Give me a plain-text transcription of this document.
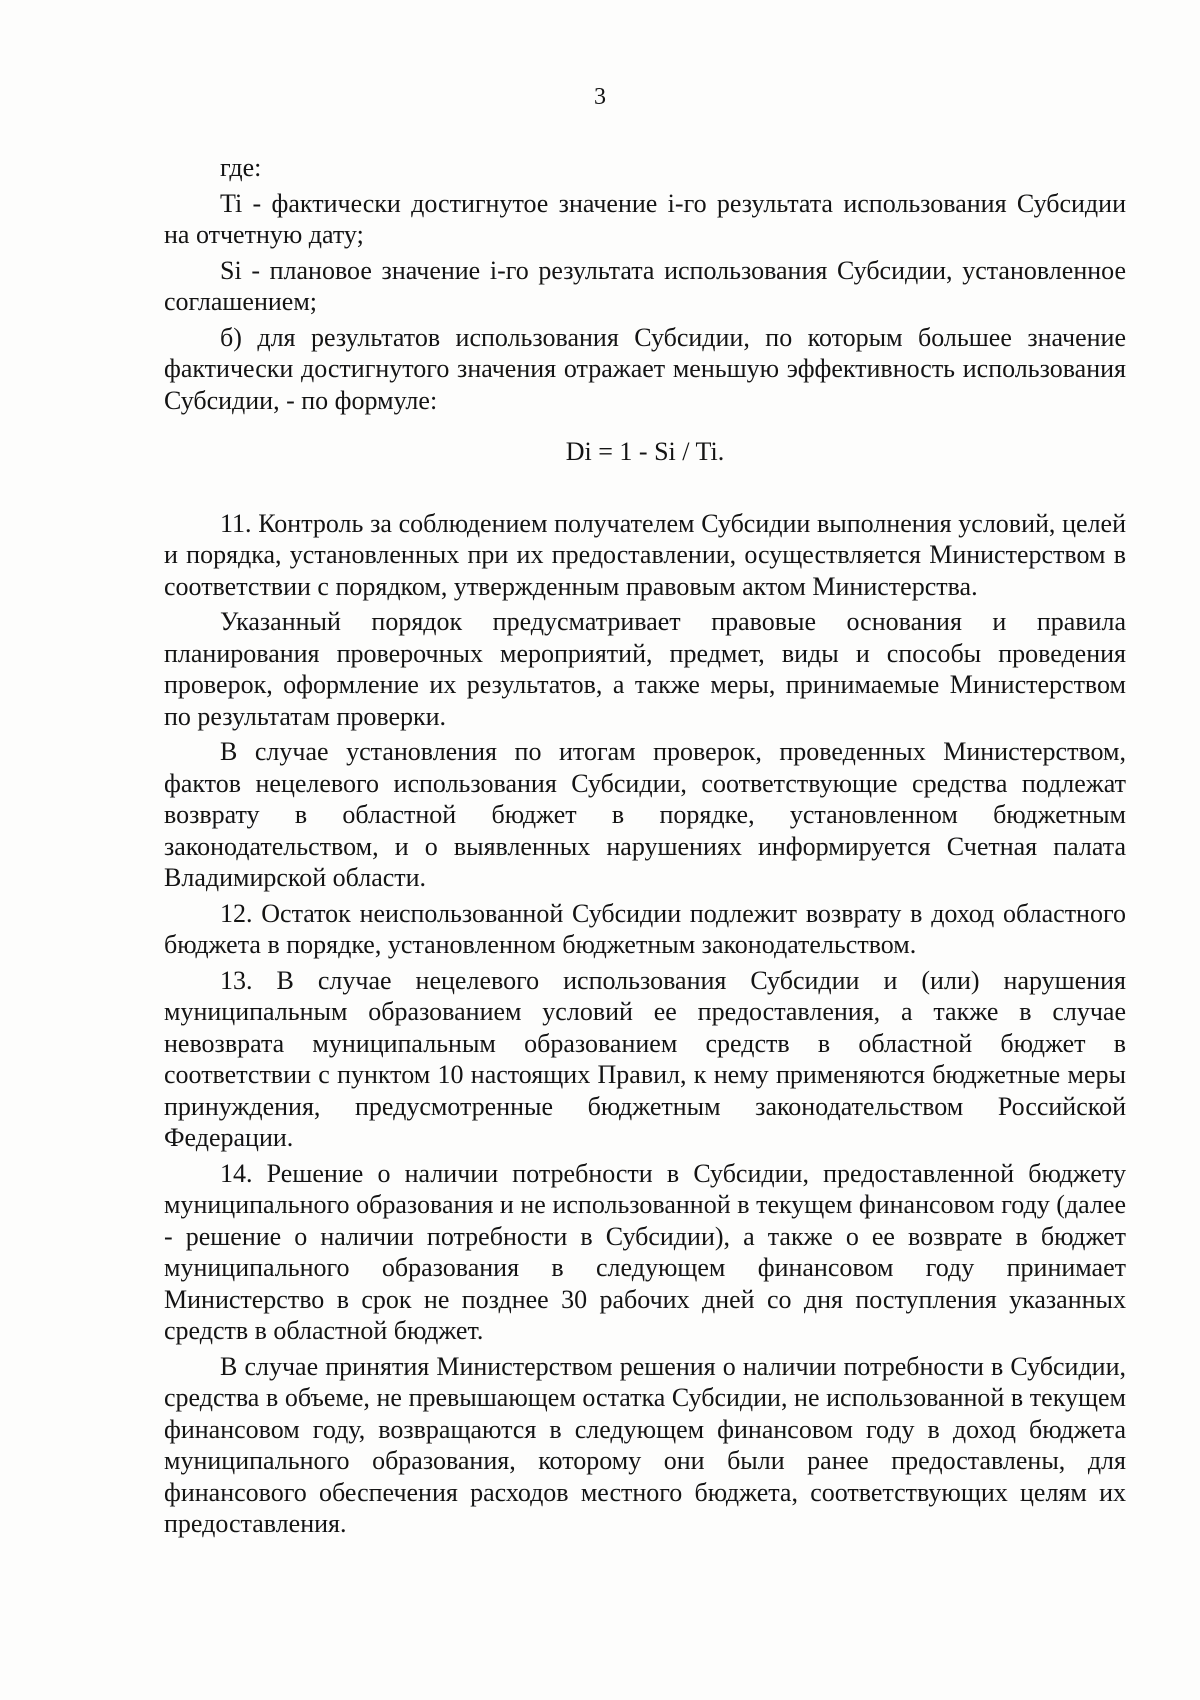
3

где:

Ti - фактически достигнутое значение i-го результата использования Субсидии на отчетную дату;

Si - плановое значение i-го результата использования Субсидии, установленное соглашением;

б) для результатов использования Субсидии, по которым большее значение фактически достигнутого значения отражает меньшую эффективность использования Субсидии, - по формуле:

Di = 1 - Si / Ti.

11. Контроль за соблюдением получателем Субсидии выполнения условий, целей и порядка, установленных при их предоставлении, осуществляется Министерством в соответствии с порядком, утвержденным правовым актом Министерства.

Указанный порядок предусматривает правовые основания и правила планирования проверочных мероприятий, предмет, виды и способы проведения проверок, оформление их результатов, а также меры, принимаемые Министерством по результатам проверки.

В случае установления по итогам проверок, проведенных Министерством, фактов нецелевого использования Субсидии, соответствующие средства подлежат возврату в областной бюджет в порядке, установленном бюджетным законодательством, и о выявленных нарушениях информируется Счетная палата Владимирской области.

12. Остаток неиспользованной Субсидии подлежит возврату в доход областного бюджета в порядке, установленном бюджетным законодательством.

13. В случае нецелевого использования Субсидии и (или) нарушения муниципальным образованием условий ее предоставления, а также в случае невозврата муниципальным образованием средств в областной бюджет в соответствии с пунктом 10 настоящих Правил, к нему применяются бюджетные меры принуждения, предусмотренные бюджетным законодательством Российской Федерации.

14. Решение о наличии потребности в Субсидии, предоставленной бюджету муниципального образования и не использованной в текущем финансовом году (далее - решение о наличии потребности в Субсидии), а также о ее возврате в бюджет муниципального образования в следующем финансовом году принимает Министерство в срок не позднее 30 рабочих дней со дня поступления указанных средств в областной бюджет.

В случае принятия Министерством решения о наличии потребности в Субсидии, средства в объеме, не превышающем остатка Субсидии, не использованной в текущем финансовом году, возвращаются в следующем финансовом году в доход бюджета муниципального образования, которому они были ранее предоставлены, для финансового обеспечения расходов местного бюджета, соответствующих целям их предоставления.
